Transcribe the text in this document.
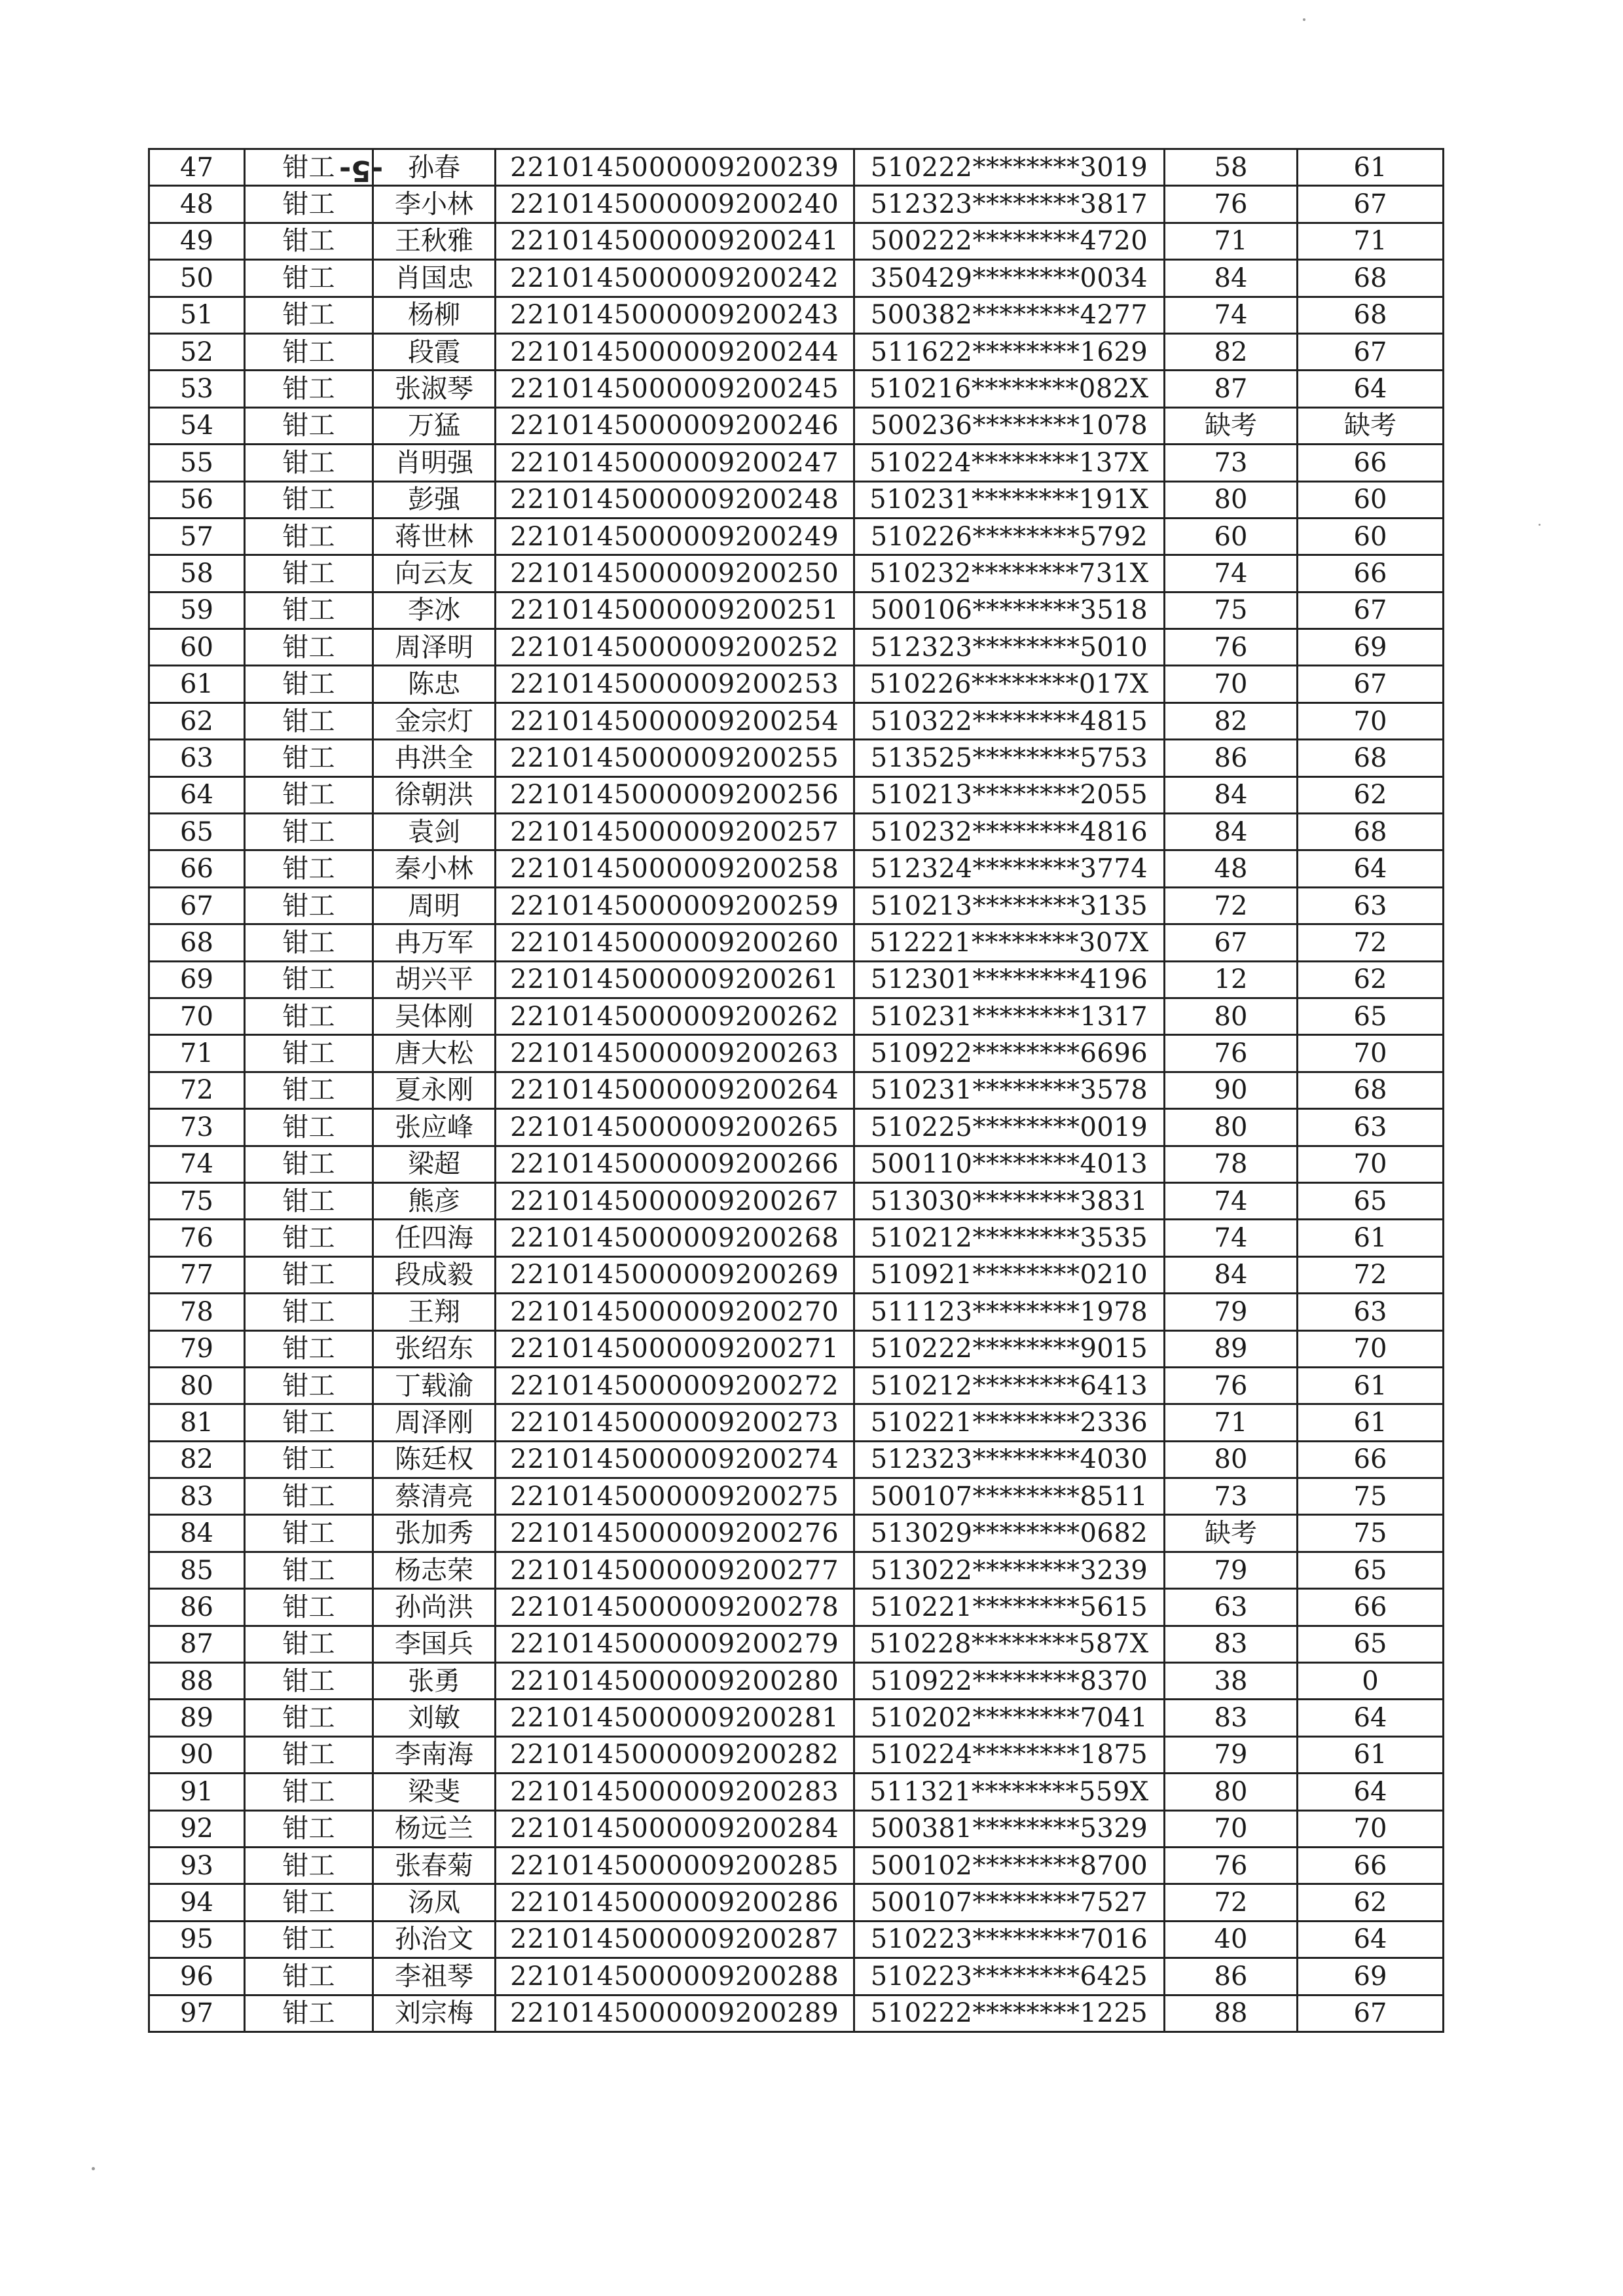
47	钳工	孙春	2210145000009200239	510222********3019	58	61
48	钳工	李小林	2210145000009200240	512323********3817	76	67
49	钳工	王秋雅	2210145000009200241	500222********4720	71	71
50	钳工	肖国忠	2210145000009200242	350429********0034	84	68
51	钳工	杨柳	2210145000009200243	500382********4277	74	68
52	钳工	段霞	2210145000009200244	511622********1629	82	67
53	钳工	张淑琴	2210145000009200245	510216********082X	87	64
54	钳工	万猛	2210145000009200246	500236********1078	缺考	缺考
55	钳工	肖明强	2210145000009200247	510224********137X	73	66
56	钳工	彭强	2210145000009200248	510231********191X	80	60
57	钳工	蒋世林	2210145000009200249	510226********5792	60	60
58	钳工	向云友	2210145000009200250	510232********731X	74	66
59	钳工	李冰	2210145000009200251	500106********3518	75	67
60	钳工	周泽明	2210145000009200252	512323********5010	76	69
61	钳工	陈忠	2210145000009200253	510226********017X	70	67
62	钳工	金宗灯	2210145000009200254	510322********4815	82	70
63	钳工	冉洪全	2210145000009200255	513525********5753	86	68
64	钳工	徐朝洪	2210145000009200256	510213********2055	84	62
65	钳工	袁剑	2210145000009200257	510232********4816	84	68
66	钳工	秦小林	2210145000009200258	512324********3774	48	64
67	钳工	周明	2210145000009200259	510213********3135	72	63
68	钳工	冉万军	2210145000009200260	512221********307X	67	72
69	钳工	胡兴平	2210145000009200261	512301********4196	12	62
70	钳工	吴体刚	2210145000009200262	510231********1317	80	65
71	钳工	唐大松	2210145000009200263	510922********6696	76	70
72	钳工	夏永刚	2210145000009200264	510231********3578	90	68
73	钳工	张应峰	2210145000009200265	510225********0019	80	63
74	钳工	梁超	2210145000009200266	500110********4013	78	70
75	钳工	熊彦	2210145000009200267	513030********3831	74	65
76	钳工	任四海	2210145000009200268	510212********3535	74	61
77	钳工	段成毅	2210145000009200269	510921********0210	84	72
78	钳工	王翔	2210145000009200270	511123********1978	79	63
79	钳工	张绍东	2210145000009200271	510222********9015	89	70
80	钳工	丁载渝	2210145000009200272	510212********6413	76	61
81	钳工	周泽刚	2210145000009200273	510221********2336	71	61
82	钳工	陈廷权	2210145000009200274	512323********4030	80	66
83	钳工	蔡清亮	2210145000009200275	500107********8511	73	75
84	钳工	张加秀	2210145000009200276	513029********0682	缺考	75
85	钳工	杨志荣	2210145000009200277	513022********3239	79	65
86	钳工	孙尚洪	2210145000009200278	510221********5615	63	66
87	钳工	李国兵	2210145000009200279	510228********587X	83	65
88	钳工	张勇	2210145000009200280	510922********8370	38	0
89	钳工	刘敏	2210145000009200281	510202********7041	83	64
90	钳工	李南海	2210145000009200282	510224********1875	79	61
91	钳工	梁斐	2210145000009200283	511321********559X	80	64
92	钳工	杨远兰	2210145000009200284	500381********5329	70	70
93	钳工	张春菊	2210145000009200285	500102********8700	76	66
94	钳工	汤凤	2210145000009200286	500107********7527	72	62
95	钳工	孙治文	2210145000009200287	510223********7016	40	64
96	钳工	李祖琴	2210145000009200288	510223********6425	86	69
97	钳工	刘宗梅	2210145000009200289	510222********1225	88	67
-5-
